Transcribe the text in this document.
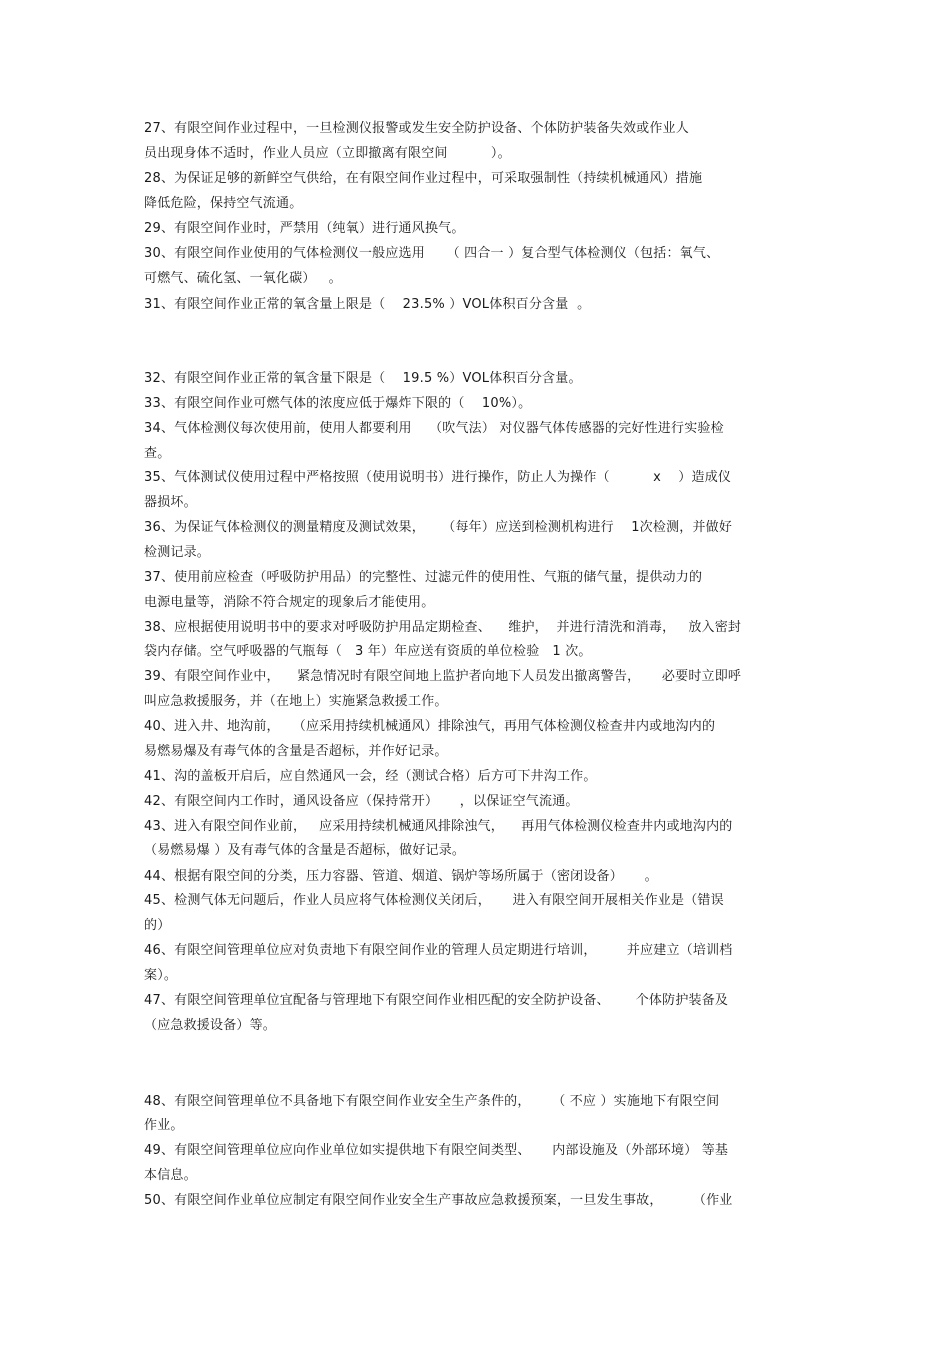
27、有限空间作业过程中，一旦检测仪报警或发生安全防护设备、个体防护装备失效或作业人
员出现身体不适时，作业人员应（立即撤离有限空间          ）。
28、为保证足够的新鲜空气供给，在有限空间作业过程中，可采取强制性（持续机械通风）措施
降低危险，保持空气流通。
29、有限空间作业时，严禁用（纯氧）进行通风换气。
30、有限空间作业使用的气体检测仪一般应选用     （ 四合一 ）复合型气体检测仪（包括：氧气、
可燃气、硫化氢、一氧化碳）   。
31、有限空间作业正常的氧含量上限是（    23.5% ）VOL体积百分含量  。
32、有限空间作业正常的氧含量下限是（    19.5 %）VOL体积百分含量。
33、有限空间作业可燃气体的浓度应低于爆炸下限的（    10%）。
34、气体检测仪每次使用前，使用人都要利用    （吹气法） 对仪器气体传感器的完好性进行实验检
查。
35、气体测试仪使用过程中严格按照（使用说明书）进行操作，防止人为操作（          x    ）造成仪
器损坏。
36、为保证气体检测仪的测量精度及测试效果，    （每年）应送到检测机构进行    1次检测，并做好
检测记录。
37、使用前应检查（呼吸防护用品）的完整性、过滤元件的使用性、气瓶的储气量，提供动力的
电源电量等，消除不符合规定的现象后才能使用。
38、应根据使用说明书中的要求对呼吸防护用品定期检查、    维护，  并进行清洗和消毒，   放入密封
袋内存储。空气呼吸器的气瓶每（   3 年）年应送有资质的单位检验   1 次。
39、有限空间作业中，    紧急情况时有限空间地上监护者向地下人员发出撤离警告，     必要时立即呼
叫应急救援服务，并（在地上）实施紧急救援工作。
40、进入井、地沟前，   （应采用持续机械通风）排除浊气，再用气体检测仪检查井内或地沟内的
易燃易爆及有毒气体的含量是否超标，并作好记录。
41、沟的盖板开启后，应自然通风一会，经（测试合格）后方可下井沟工作。
42、有限空间内工作时，通风设备应（保持常开）     ，以保证空气流通。
43、进入有限空间作业前，   应采用持续机械通风排除浊气，    再用气体检测仪检查井内或地沟内的
（易燃易爆 ）及有毒气体的含量是否超标，做好记录。
44、根据有限空间的分类，压力容器、管道、烟道、锅炉等场所属于（密闭设备）     。
45、检测气体无问题后，作业人员应将气体检测仪关闭后，     进入有限空间开展相关作业是（错误
的）
46、有限空间管理单位应对负责地下有限空间作业的管理人员定期进行培训，       并应建立（培训档
案）。
47、有限空间管理单位宜配备与管理地下有限空间作业相匹配的安全防护设备、      个体防护装备及
（应急救援设备）等。
48、有限空间管理单位不具备地下有限空间作业安全生产条件的，     （ 不应 ）实施地下有限空间
作业。
49、有限空间管理单位应向作业单位如实提供地下有限空间类型、     内部设施及（外部环境） 等基
本信息。
50、有限空间作业单位应制定有限空间作业安全生产事故应急救援预案，一旦发生事故，       （作业
